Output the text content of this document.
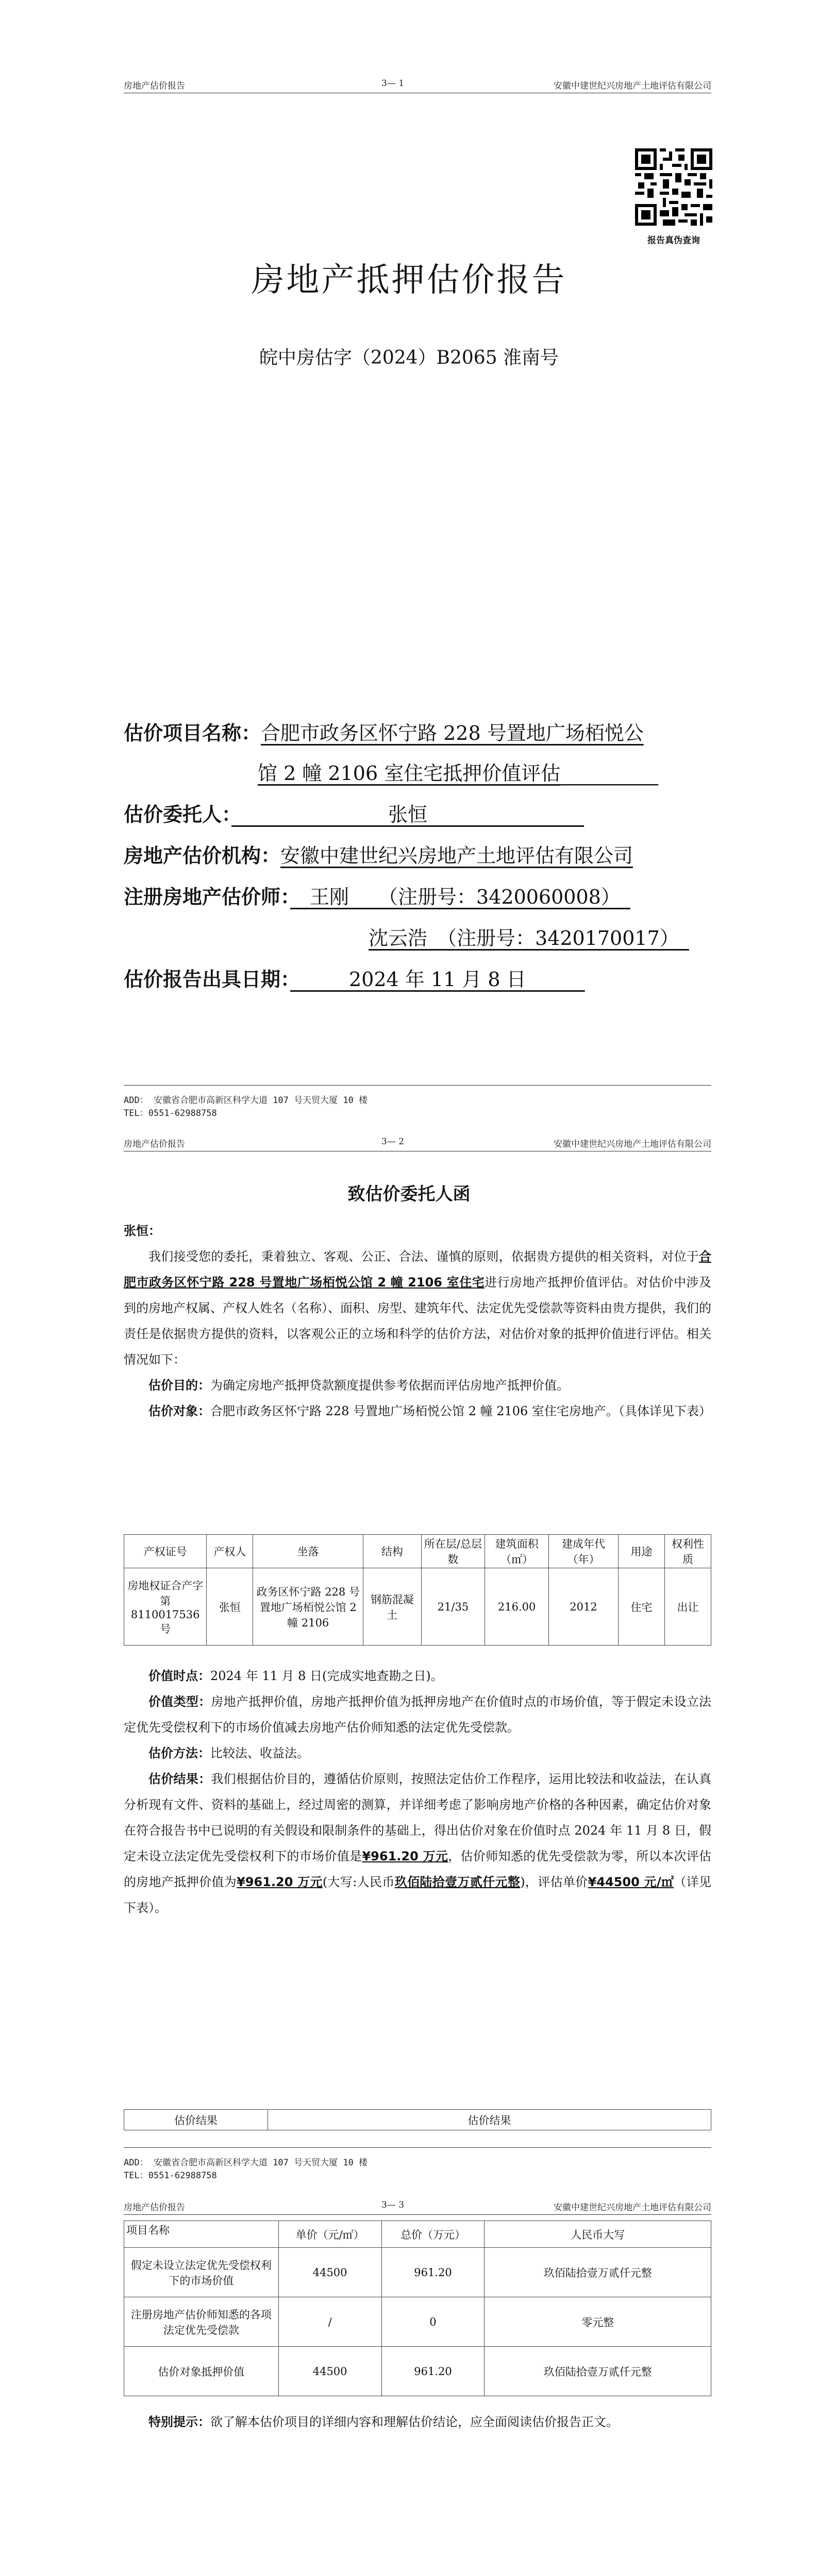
房地产估价报告	3— 1	安徽中建世纪兴房地产土地评估有限公司
报告真伪查询
房地产抵押估价报告
皖中房估字（2024）B2065 淮南号
估价项目名称：合肥市政务区怀宁路 228 号置地广场栢悦公
馆 2 幢 2106 室住宅抵押价值评估　　　　　
估价委托人：　　　　　　　　	张恒　　　　　　　　
房地产估价机构：安徽中建世纪兴房地产土地评估有限公司
注册房地产估价师：　 王刚　　（注册号：3420060008）　
沈云浩　（注册号：3420170017）　
估价报告出具日期：　　　	2024 年 11 月 8 日　　　
ADD： 安徽省合肥市高新区科学大道 107 号天贸大厦 10 楼
TEL：0551-62988758
房地产估价报告	3— 2	安徽中建世纪兴房地产土地评估有限公司
致估价委托人函
张恒：
我们接受您的委托，秉着独立、客观、公正、合法、谨慎的原则，依据贵方提供的相关资料，对位于合肥市政务区怀宁路 228 号置地广场栢悦公馆 2 幢 2106 室住宅进行房地产抵押价值评估。对估价中涉及到的房地产权属、产权人姓名（名称）、面积、房型、建筑年代、法定优先受偿款等资料由贵方提供，我们的责任是依据贵方提供的资料，以客观公正的立场和科学的估价方法，对估价对象的抵押价值进行评估。相关情况如下：
估价目的：为确定房地产抵押贷款额度提供参考依据而评估房地产抵押价值。
估价对象：合肥市政务区怀宁路 228 号置地广场栢悦公馆 2 幢 2106 室住宅房地产。（具体详见下表）
产权证号	产权人	坐落	结构	所在层/总层数	建筑面积（㎡）	建成年代（年）	用途	权利性质
房地权证合产字第 8110017536 号	张恒	政务区怀宁路 228 号置地广场栢悦公馆 2 幢 2106	钢筋混凝土	21/35	216.00	2012	住宅	出让
价值时点：2024 年 11 月 8 日(完成实地查勘之日)。
价值类型：房地产抵押价值，房地产抵押价值为抵押房地产在价值时点的市场价值，等于假定未设立法定优先受偿权利下的市场价值减去房地产估价师知悉的法定优先受偿款。
估价方法：比较法、收益法。
估价结果：我们根据估价目的，遵循估价原则，按照法定估价工作程序，运用比较法和收益法，在认真分析现有文件、资料的基础上，经过周密的测算，并详细考虑了影响房地产价格的各种因素，确定估价对象在符合报告书中已说明的有关假设和限制条件的基础上，得出估价对象在价值时点 2024 年 11 月 8 日，假定未设立法定优先受偿权利下的市场价值是¥961.20 万元，估价师知悉的优先受偿款为零，所以本次评估的房地产抵押价值为¥961.20 万元(大写:人民币玖佰陆拾壹万贰仟元整)，评估单价¥44500 元/㎡（详见下表）。
估价结果	估价结果
ADD： 安徽省合肥市高新区科学大道 107 号天贸大厦 10 楼
TEL：0551-62988758
房地产估价报告	3— 3	安徽中建世纪兴房地产土地评估有限公司
项目名称	单价（元/㎡）	总价（万元）	人民币大写

假定未设立法定优先受偿权利下的市场价值	44500	961.20	玖佰陆拾壹万贰仟元整
注册房地产估价师知悉的各项法定优先受偿款	/	0	零元整
估价对象抵押价值	44500	961.20	玖佰陆拾壹万贰仟元整
特别提示：欲了解本估价项目的详细内容和理解估价结论，应全面阅读估价报告正文。
